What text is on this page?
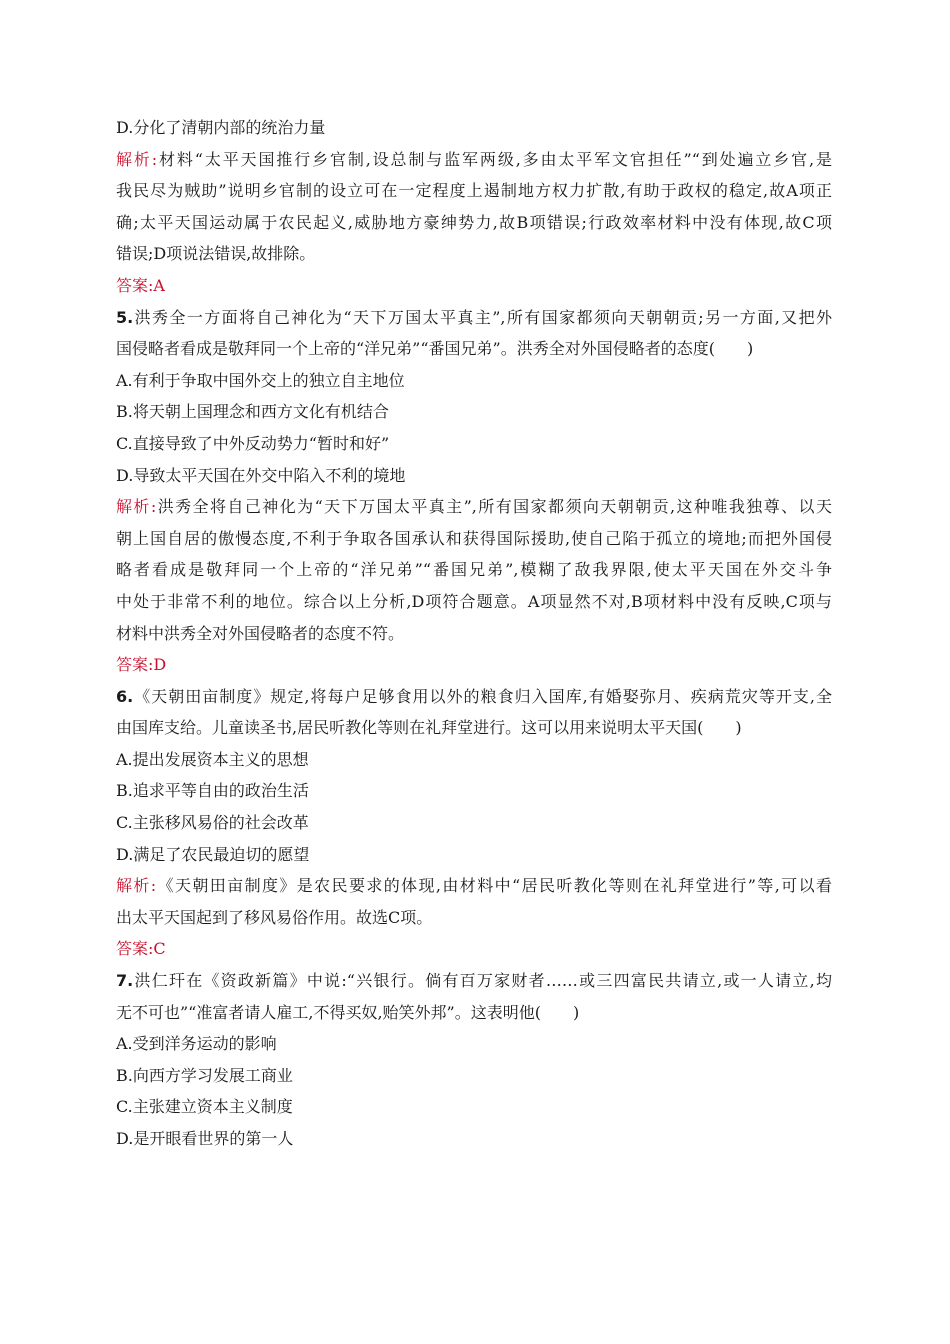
D.分化了清朝内部的统治力量
解析:材料“太平天国推行乡官制,设总制与监军两级,多由太平军文官担任”“到处遍立乡官,是
我民尽为贼助”说明乡官制的设立可在一定程度上遏制地方权力扩散,有助于政权的稳定,故A项正
确;太平天国运动属于农民起义,威胁地方豪绅势力,故B项错误;行政效率材料中没有体现,故C项
错误;D项说法错误,故排除。
答案:A
5.洪秀全一方面将自己神化为“天下万国太平真主”,所有国家都须向天朝朝贡;另一方面,又把外
国侵略者看成是敬拜同一个上帝的“洋兄弟”“番国兄弟”。洪秀全对外国侵略者的态度(　　)
A.有利于争取中国外交上的独立自主地位
B.将天朝上国理念和西方文化有机结合
C.直接导致了中外反动势力“暂时和好”
D.导致太平天国在外交中陷入不利的境地
解析:洪秀全将自己神化为“天下万国太平真主”,所有国家都须向天朝朝贡,这种唯我独尊、以天
朝上国自居的傲慢态度,不利于争取各国承认和获得国际援助,使自己陷于孤立的境地;而把外国侵
略者看成是敬拜同一个上帝的“洋兄弟”“番国兄弟”,模糊了敌我界限,使太平天国在外交斗争
中处于非常不利的地位。综合以上分析,D项符合题意。A项显然不对,B项材料中没有反映,C项与
材料中洪秀全对外国侵略者的态度不符。
答案:D
6.《天朝田亩制度》规定,将每户足够食用以外的粮食归入国库,有婚娶弥月、疾病荒灾等开支,全
由国库支给。儿童读圣书,居民听教化等则在礼拜堂进行。这可以用来说明太平天国(　　)
A.提出发展资本主义的思想
B.追求平等自由的政治生活
C.主张移风易俗的社会改革
D.满足了农民最迫切的愿望
解析:《天朝田亩制度》是农民要求的体现,由材料中“居民听教化等则在礼拜堂进行”等,可以看
出太平天国起到了移风易俗作用。故选C项。
答案:C
7.洪仁玕在《资政新篇》中说:“兴银行。倘有百万家财者……或三四富民共请立,或一人请立,均
无不可也”“准富者请人雇工,不得买奴,贻笑外邦”。这表明他(　　)
A.受到洋务运动的影响
B.向西方学习发展工商业
C.主张建立资本主义制度
D.是开眼看世界的第一人
